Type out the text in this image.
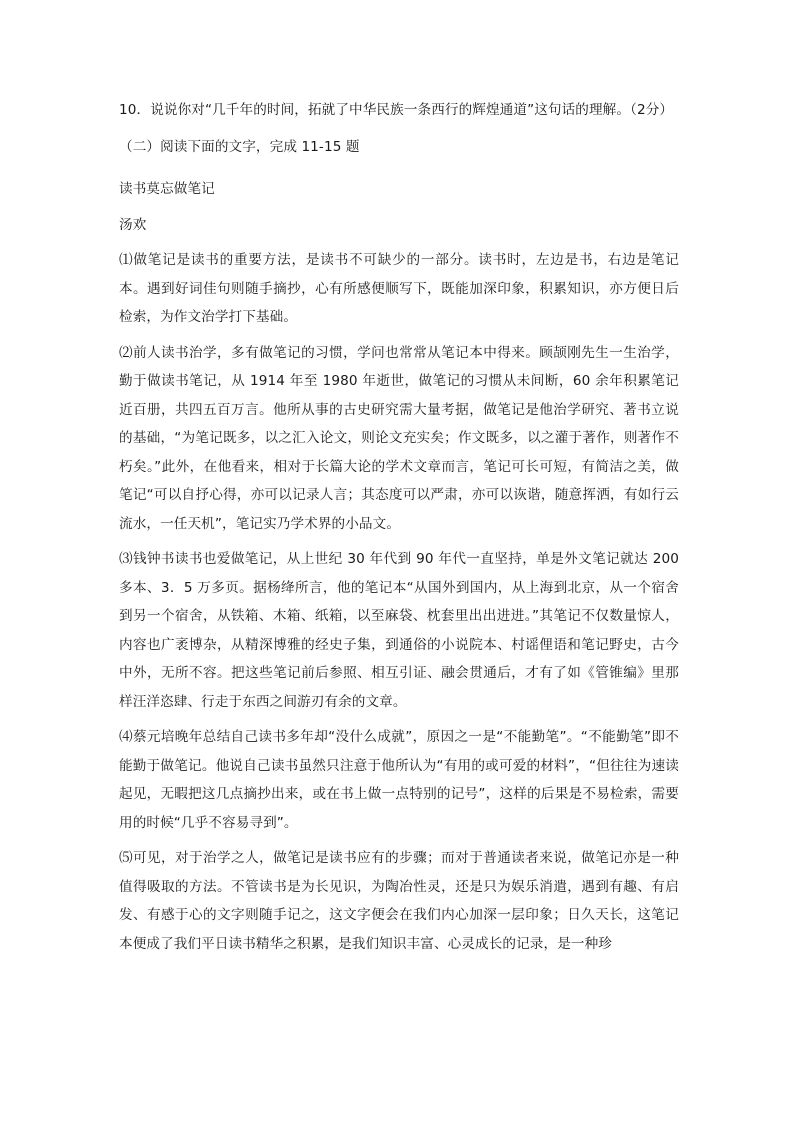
10．说说你对“几千年的时间，拓就了中华民族一条西行的辉煌通道”这句话的理解。（2分）

（二）阅读下面的文字，完成 11-15 题

读书莫忘做笔记

汤欢

⑴做笔记是读书的重要方法，是读书不可缺少的一部分。读书时，左边是书，右边是笔记本。遇到好词佳句则随手摘抄，心有所感便顺写下，既能加深印象，积累知识，亦方便日后检索，为作文治学打下基础。

⑵前人读书治学，多有做笔记的习惯，学问也常常从笔记本中得来。顾颉刚先生一生治学，勤于做读书笔记，从 1914 年至 1980 年逝世，做笔记的习惯从未间断，60 余年积累笔记近百册，共四五百万言。他所从事的古史研究需大量考据，做笔记是他治学研究、著书立说的基础，“为笔记既多，以之汇入论文，则论文充实矣；作文既多，以之灌于著作，则著作不朽矣。”此外，在他看来，相对于长篇大论的学术文章而言，笔记可长可短，有简洁之美，做笔记“可以自抒心得，亦可以记录人言；其态度可以严肃，亦可以诙谐，随意挥洒，有如行云流水，一任天机”，笔记实乃学术界的小品文。

⑶钱钟书读书也爱做笔记，从上世纪 30 年代到 90 年代一直坚持，单是外文笔记就达 200 多本、3．5 万多页。据杨绛所言，他的笔记本“从国外到国内，从上海到北京，从一个宿舍到另一个宿舍，从铁箱、木箱、纸箱，以至麻袋、枕套里出出进进。”其笔记不仅数量惊人，内容也广袤博杂，从精深博雅的经史子集，到通俗的小说院本、村谣俚语和笔记野史，古今中外，无所不容。把这些笔记前后参照、相互引证、融会贯通后，才有了如《管锥编》里那样汪洋恣肆、行走于东西之间游刃有余的文章。

⑷蔡元培晚年总结自己读书多年却“没什么成就”，原因之一是“不能勤笔”。“不能勤笔”即不能勤于做笔记。他说自己读书虽然只注意于他所认为“有用的或可爱的材料”，“但往往为速读起见，无暇把这几点摘抄出来，或在书上做一点特别的记号”，这样的后果是不易检索，需要用的时候“几乎不容易寻到”。

⑸可见，对于治学之人，做笔记是读书应有的步骤；而对于普通读者来说，做笔记亦是一种值得吸取的方法。不管读书是为长见识，为陶冶性灵，还是只为娱乐消遣，遇到有趣、有启发、有感于心的文字则随手记之，这文字便会在我们内心加深一层印象；日久天长，这笔记本便成了我们平日读书精华之积累，是我们知识丰富、心灵成长的记录，是一种珍
